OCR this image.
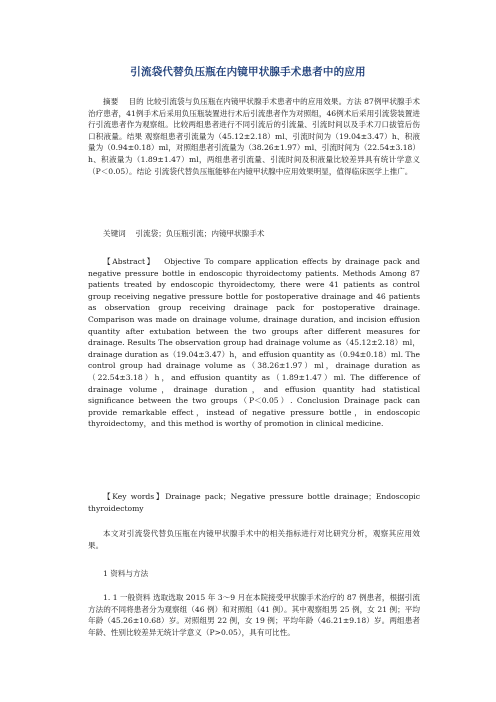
引流袋代替负压瓶在内镜甲状腺手术患者中的应用

摘要 目的 比较引流袋与负压瓶在内镜甲状腺手术患者中的应用效果。方法 87例甲状腺手术治疗患者，41例手术后采用负压瓶装置进行术后引流患者作为对照组，46例术后采用引流袋装置进行引流患者作为观察组。比较两组患者进行不同引流后的引流量、引流时间以及手术刀口拔管后伤口积液量。结果 观察组患者引流量为（45.12±2.18）ml、引流时间为（19.04±3.47）h、积液量为（0.94±0.18）ml，对照组患者引流量为（38.26±1.97）ml、引流时间为（22.54±3.18）h、积液量为（1.89±1.47）ml，两组患者引流量、引流时间及积液量比较差异具有统计学意义（P＜0.05）。结论 引流袋代替负压瓶能够在内镜甲状腺中应用效果明显，值得临床医学上推广。

关键词 引流袋；负压瓶引流；内镜甲状腺手术

【Abstract】 Objective To compare application effects by drainage pack and negative pressure bottle in endoscopic thyroidectomy patients. Methods Among 87 patients treated by endoscopic thyroidectomy, there were 41 patients as control group receiving negative pressure bottle for postoperative drainage and 46 patients as observation group receiving drainage pack for postoperative drainage. Comparison was made on drainage volume, drainage duration, and incision effusion quantity after extubation between the two groups after different measures for drainage. Results The observation group had drainage volume as（45.12±2.18）ml，drainage duration as（19.04±3.47）h，and effusion quantity as（0.94±0.18）ml. The control group had drainage volume as（38.26±1.97）ml，drainage duration as（22.54±3.18）h，and effusion quantity as（1.89±1.47）ml. The difference of drainage volume，drainage duration，and effusion quantity had statistical significance between the two groups（P＜0.05）. Conclusion Drainage pack can provide remarkable effect，instead of negative pressure bottle，in endoscopic thyroidectomy，and this method is worthy of promotion in clinical medicine.

【Key words】Drainage pack；Negative pressure bottle drainage；Endoscopic thyroidectomy

本文对引流袋代替负压瓶在内镜甲状腺手术中的相关指标进行对比研究分析，观察其应用效果。

1 资料与方法

1. 1 一般资料 选取选取 2015 年 3～9 月在本院接受甲状腺手术治疗的 87 例患者，根据引流方法的不同将患者分为观察组（46 例）和对照组（41 例）。其中观察组男 25 例，女 21 例；平均年龄（45.26±10.68）岁。对照组男 22 例，女 19 例；平均年龄（46.21±9.18）岁。两组患者年龄、性别比较差异无统计学意义（P>0.05），具有可比性。
